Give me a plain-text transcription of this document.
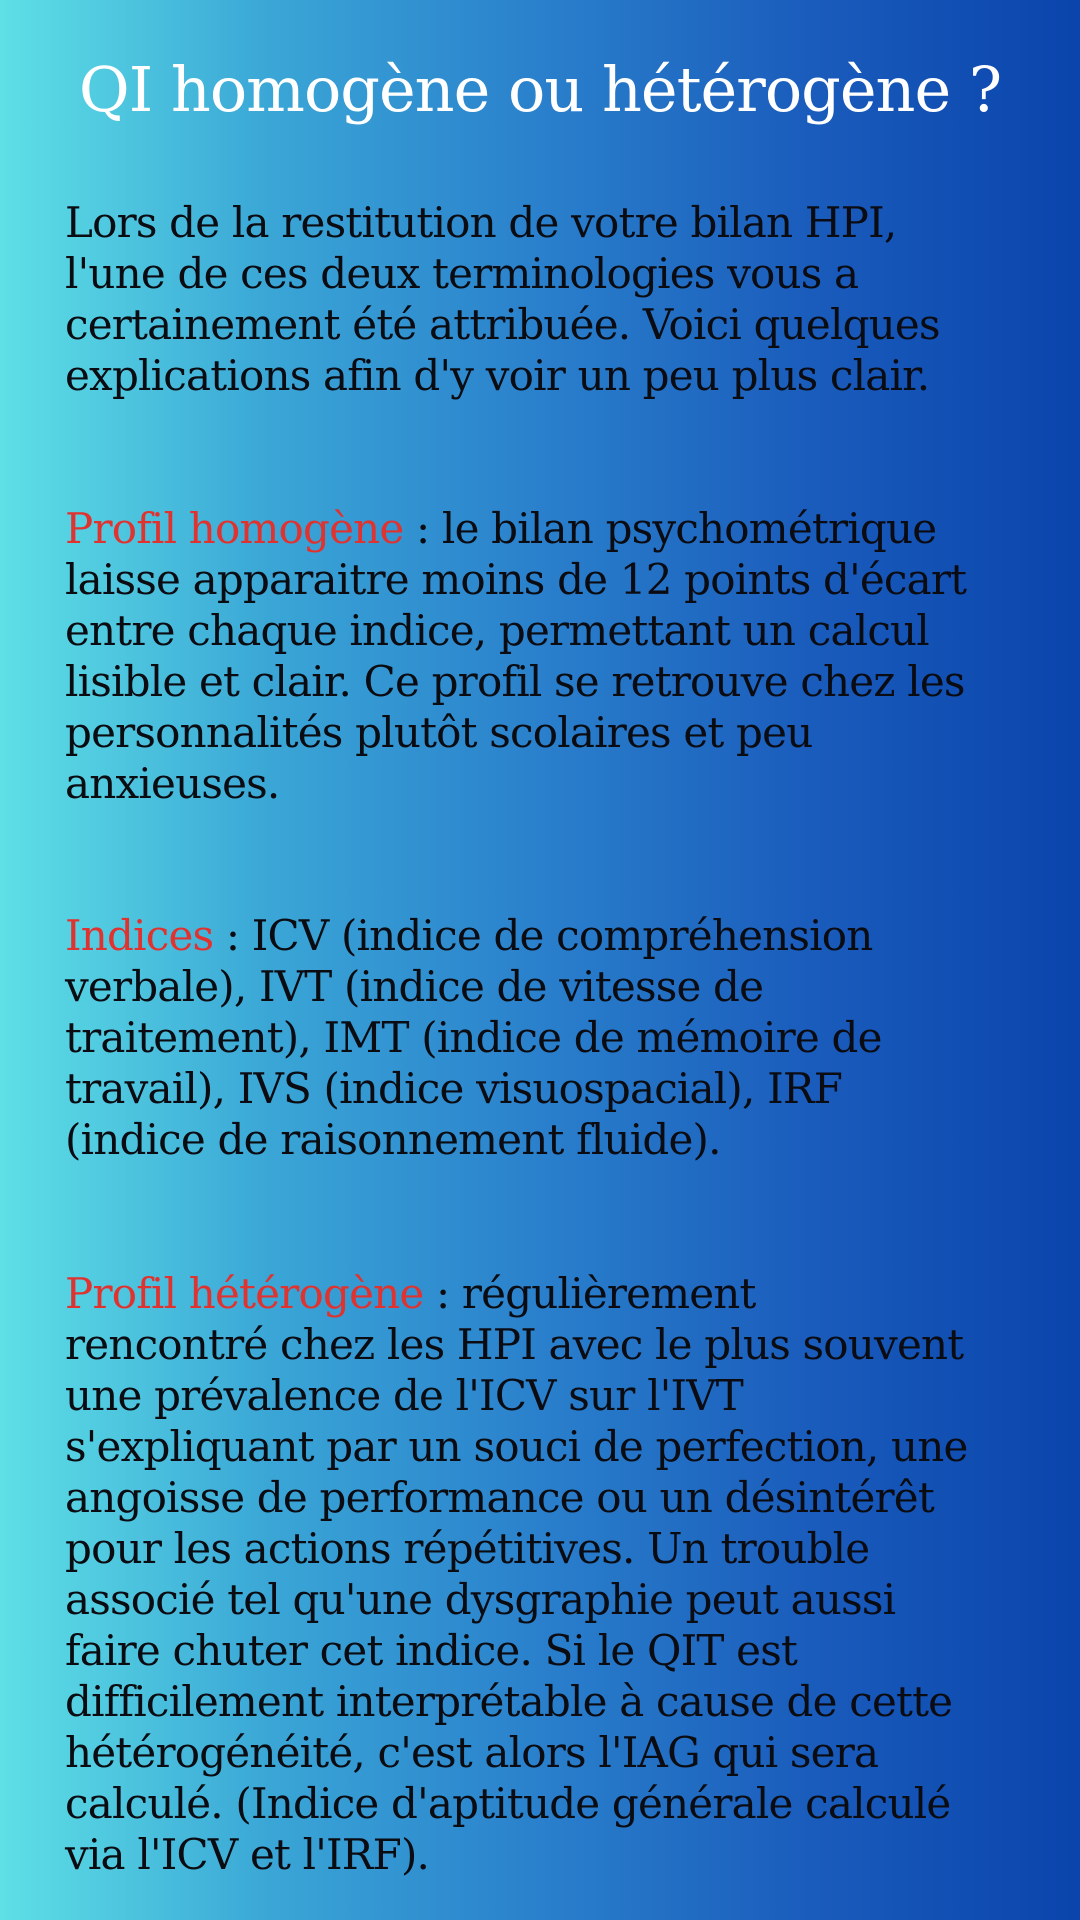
QI homogène ou hétérogène ?
Lors de la restitution de votre bilan HPI,
l'une de ces deux terminologies vous a
certainement été attribuée. Voici quelques
explications afin d'y voir un peu plus clair.
Profil homogène : le bilan psychométrique
laisse apparaitre moins de 12 points d'écart
entre chaque indice, permettant un calcul
lisible et clair. Ce profil se retrouve chez les
personnalités plutôt scolaires et peu
anxieuses.
Indices : ICV (indice de compréhension
verbale), IVT (indice de vitesse de
traitement), IMT (indice de mémoire de
travail), IVS (indice visuospacial), IRF
(indice de raisonnement fluide).
Profil hétérogène : régulièrement
rencontré chez les HPI avec le plus souvent
une prévalence de l'ICV sur l'IVT
s'expliquant par un souci de perfection, une
angoisse de performance ou un désintérêt
pour les actions répétitives. Un trouble
associé tel qu'une dysgraphie peut aussi
faire chuter cet indice. Si le QIT est
difficilement interprétable à cause de cette
hétérogénéité, c'est alors l'IAG qui sera
calculé. (Indice d'aptitude générale calculé
via l'ICV et l'IRF).
